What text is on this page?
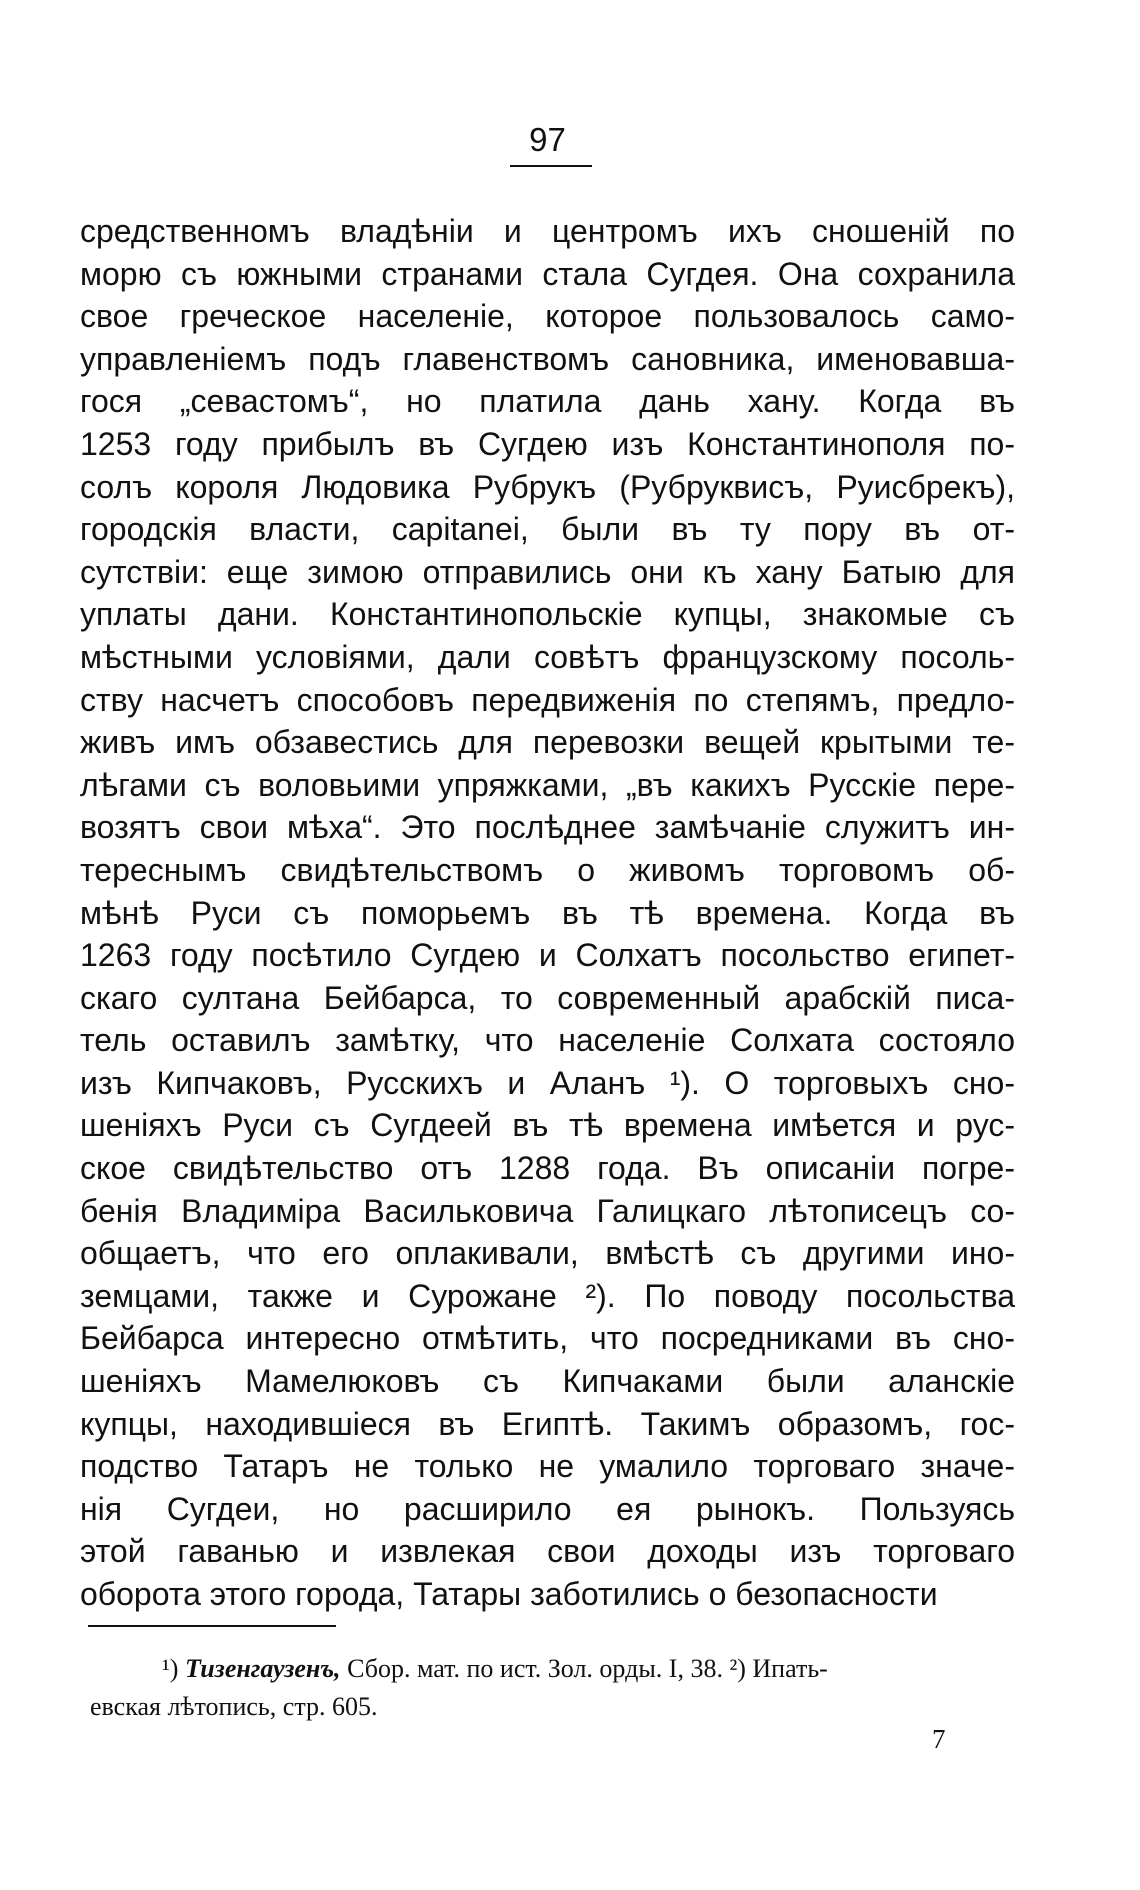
97
средственномъ владѣніи и центромъ ихъ сношеній по
морю съ южными странами стала Сугдея. Она сохранила
свое греческое населеніе, которое пользовалось само-
управленіемъ подъ главенствомъ сановника, именовавша-
гося „севастомъ“, но платила дань хану. Когда въ
1253 году прибылъ въ Сугдею изъ Константинополя по-
солъ короля Людовика Рубрукъ (Рубруквисъ, Руисбрекъ),
городскія власти, capitanei, были въ ту пору въ от-
сутствіи: еще зимою отправились они къ хану Батыю для
уплаты дани. Константинопольскіе купцы, знакомые съ
мѣстными условіями, дали совѣтъ французскому посоль-
ству насчетъ способовъ передвиженія по степямъ, предло-
живъ имъ обзавестись для перевозки вещей крытыми те-
лѣгами съ воловьими упряжками, „въ какихъ Русскіе пере-
возятъ свои мѣха“. Это послѣднее замѣчаніе служитъ ин-
тереснымъ свидѣтельствомъ о живомъ торговомъ об-
мѣнѣ Руси съ поморьемъ въ тѣ времена. Когда въ
1263 году посѣтило Сугдею и Солхатъ посольство египет-
скаго султана Бейбарса, то современный арабскій писа-
тель оставилъ замѣтку, что населеніе Солхата состояло
изъ Кипчаковъ, Русскихъ и Аланъ ¹). О торговыхъ сно-
шеніяхъ Руси съ Сугдеей въ тѣ времена имѣется и рус-
ское свидѣтельство отъ 1288 года. Въ описаніи погре-
бенія Владиміра Васильковича Галицкаго лѣтописецъ со-
общаетъ, что его оплакивали, вмѣстѣ съ другими ино-
земцами, также и Сурожане ²). По поводу посольства
Бейбарса интересно отмѣтить, что посредниками въ сно-
шеніяхъ Мамелюковъ съ Кипчаками были аланскіе
купцы, находившіеся въ Египтѣ. Такимъ образомъ, гос-
подство Татаръ не только не умалило торговаго значе-
нія Сугдеи, но расширило ея рынокъ. Пользуясь
этой гаванью и извлекая свои доходы изъ торговаго
оборота этого города, Татары заботились о безопасности
¹) Тизенгаузенъ, Сбор. мат. по ист. Зол. орды. I, 38. ²) Ипать-
евская лѣтопись, стр. 605.
7
